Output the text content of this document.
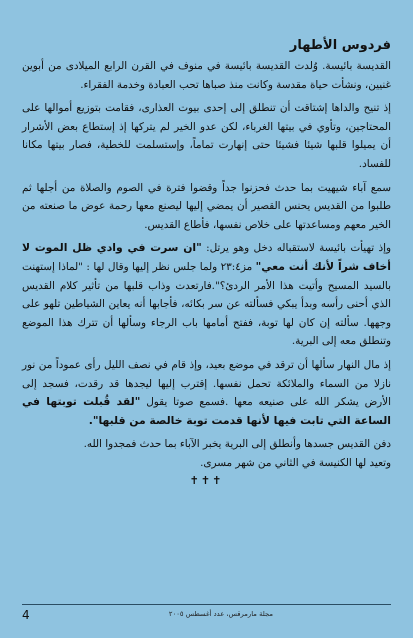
فردوس الأطهار

القديسة بائيسة. وُلدت القديسة بائيسة في منوف في القرن الرابع الميلادى من أبوين غنيين، ونشأت حياة مقدسة وكانت منذ صباها تحب العبادة وخدمة الفقراء.

إذ تنيح والداها إشتاقت أن تنطلق إلى إحدى بيوت العذارى، فقامت بتوزيع أموالها على المحتاجين، وتأوي في بيتها الغرباء، لكن عدو الخير لم يتركها إذ إستطاع بعض الأشرار أن يميلوا قلبها شيئا فشيئا حتى إنهارت تماماً، وإستسلمت للخطية، فصار بيتها مكانا للفساد.

سمع آباء شيهيت بما حدث فحزنوا جداً وقضوا فترة في الصوم والصلاة من أجلها ثم طلبوا من القديس يحنس القصير أن يمضي إليها ليصنع معها رحمة عوض ما صنعته من الخير معهم ومساعدتها على خلاص نفسها، فأطاع القديس.

وإذ تهيأت بائيسة لاستقباله دخل وهو يرتل: "ان سرت في وادي ظل الموت لا أخاف شراً لأنك أنت معي" مز٢٣:٤ ولما جلس نظر إليها وقال لها : "لماذا إستهنت بالسيد المسيح وأتيت هذا الأمر الردئ؟".فارتعدت وذاب قلبها من تأثير كلام القديس الذي أحنى رأسه وبدأ يبكي فسألته عن سر بكائه، فأجابها أنه يعاين الشياطين تلهو على وجهها. سألته إن كان لها توبة، ففتح أمامها باب الرجاء وسألها أن تترك هذا الموضع وتنطلق معه إلى البرية.

إذ مال النهار سألها أن ترقد في موضع بعيد، وإذ قام في نصف الليل رأى عموداً من نور نازلا من السماء والملائكة تحمل نفسها. إقترب إليها ليجدها قد رقدت، فسجد إلى الأرض يشكر الله على صنيعه معها .فسمع صوتا يقول "لقد قُبلت توبتها في الساعة التي تابت فيها لأنها قدمت توبة خالصة من قلبها".

دفن القديس جسدها وأنطلق إلى البرية يخبر الآباء بما حدث فمجدوا الله.

وتعيد لها الكنيسة في الثاني من شهر مسرى.

✝✝✝
4	مجلة مارمرقس، عدد أغسطس ٢٠٠٥
